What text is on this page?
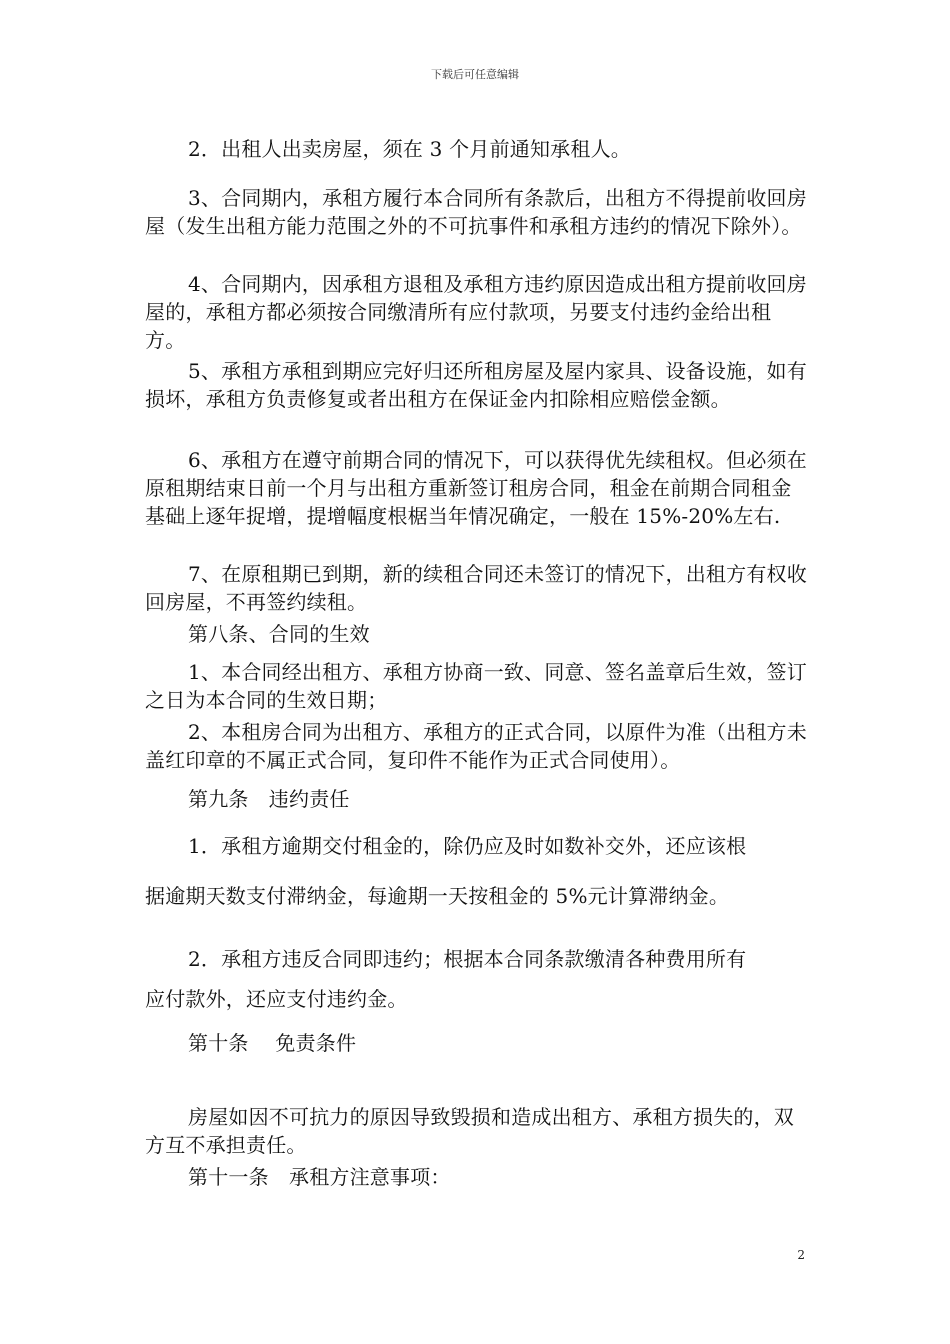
下载后可任意编辑
2．出租人出卖房屋，须在 3 个月前通知承租人。
3、合同期内，承租方履行本合同所有条款后，出租方不得提前收回房屋（发生出租方能力范围之外的不可抗事件和承租方违约的情况下除外）。
4、合同期内，因承租方退租及承租方违约原因造成出租方提前收回房屋的，承租方都必须按合同缴清所有应付款项，另要支付违约金给出租方。
5、承租方承租到期应完好归还所租房屋及屋内家具、设备设施，如有损坏，承租方负责修复或者出租方在保证金内扣除相应赔偿金额。
6、承租方在遵守前期合同的情况下，可以获得优先续租权。但必须在原租期结束日前一个月与出租方重新签订租房合同，租金在前期合同租金基础上逐年捉增，提增幅度根椐当年情况确定，一般在 15%-20%左右.
7、在原租期已到期，新的续租合同还未签订的情况下，出租方有权收回房屋，不再签约续租。
第八条、合同的生效
1、本合同经出租方、承租方协商一致、同意、签名盖章后生效，签订之日为本合同的生效日期；
2、本租房合同为出租方、承租方的正式合同，以原件为准（出租方未盖红印章的不属正式合同，复印件不能作为正式合同使用）。
第九条　违约责任
1．承租方逾期交付租金的，除仍应及时如数补交外，还应该根
据逾期天数支付滞纳金，每逾期一天按租金的 5%元计算滞纳金。
2．承租方违反合同即违约；根据本合同条款缴清各种费用所有
应付款外，还应支付违约金。
第十条　 免责条件
房屋如因不可抗力的原因导致毁损和造成出租方、承租方损失的，双方互不承担责任。
第十一条　承租方注意事项：
2
